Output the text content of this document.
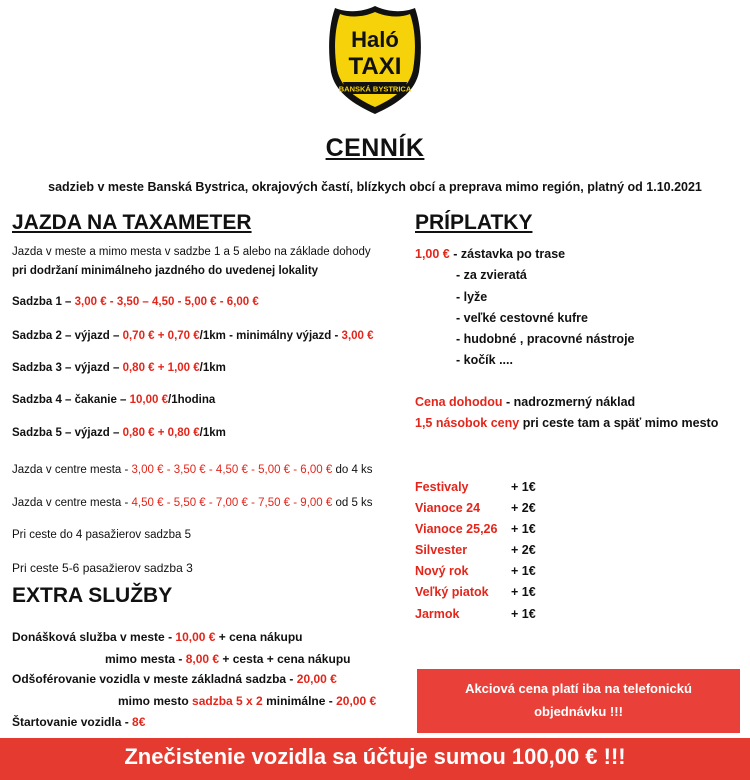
Haló
TAXI
BANSKÁ BYSTRICA
CENNÍK
sadzieb v meste Banská Bystrica, okrajových častí, blízkych obcí a preprava mimo región, platný od 1.10.2021
JAZDA NA TAXAMETER
Jazda v meste a mimo mesta v sadzbe 1 a 5 alebo na základe dohody
pri dodržaní minimálneho jazdného do uvedenej lokality
Sadzba 1 – 3,00 € - 3,50 – 4,50 - 5,00 € - 6,00 €
Sadzba 2 – výjazd – 0,70 € + 0,70 €/1km - minimálny výjazd - 3,00 €
Sadzba 3 – výjazd – 0,80 € + 1,00 €/1km
Sadzba 4 – čakanie – 10,00 €/1hodina
Sadzba 5 – výjazd – 0,80 € + 0,80 €/1km
Jazda v centre mesta - 3,00 € - 3,50 € - 4,50 € - 5,00 € - 6,00 € do 4 ks
Jazda v centre mesta - 4,50 € - 5,50 € - 7,00 € - 7,50 € - 9,00 € od 5 ks
Pri ceste do 4 pasažierov sadzba 5
Pri ceste 5-6 pasažierov sadzba 3
EXTRA SLUŽBY
Donášková služba v meste - 10,00 € + cena nákupu
mimo mesta - 8,00 € + cesta + cena nákupu
Odšoférovanie vozidla v meste základná sadzba - 20,00 €
mimo mesto sadzba 5 x 2 minimálne - 20,00 €
Štartovanie vozidla - 8€
PRÍPLATKY
1,00 € - zástavka po trase
- za zvieratá
- lyže
- veľké cestovné kufre
- hudobné , pracovné nástroje
- kočík ....
Cena dohodou - nadrozmerný náklad
1,5 násobok ceny pri ceste tam a späť mimo mesto
Festivaly	+ 1€
Vianoce 24 + 2€
Vianoce 25,26 + 1€
Silvester	+ 2€
Nový rok	+ 1€
Veľký piatok + 1€
Jarmok	+ 1€
Akciová cena platí iba na telefonickú
objednávku !!!
Znečistenie vozidla sa účtuje sumou 100,00 € !!!
